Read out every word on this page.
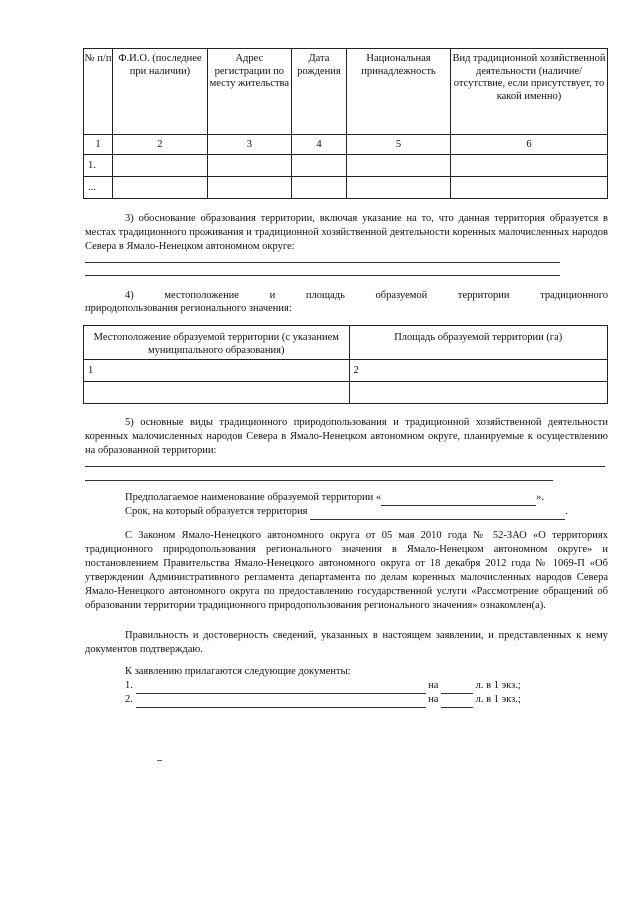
№ п/п	Ф.И.О. (последнее при наличии)	Адрес регистрации по месту жительства	Дата рождения	Национальная принадлежность	Вид традиционной хозяйственной деятельности (наличие/отсутствие, если присутствует, то какой именно)
1	2	3	4	5	6
1.					
...					
3) обоснование образования территории, включая указание на то, что данная территория образуется в местах традиционного проживания и традиционной хозяйственной деятельности коренных малочисленных народов Севера в Ямало-Ненецком автономном округе:
4) местоположение и площадь образуемой территории традиционного
природопользования регионального значения:
Местоположение образуемой территории (с указанием муниципального образования)	Площадь образуемой территории (га)
1	2

5) основные виды традиционного природопользования и традиционной хозяйственной деятельности коренных малочисленных народов Севера в Ямало-Ненецком автономном округе, планируемые к осуществлению на образованной территории:
Предполагаемое наименование образуемой территории «	».
Срок, на который образуется территория	.
С Законом Ямало-Ненецкого автономного округа от 05 мая 2010 года № 52-ЗАО «О территориях традиционного природопользования регионального значения в Ямало-Ненецком автономном округе» и постановлением Правительства Ямало-Ненецкого автономного округа от 18 декабря 2012 года № 1069-П «Об утверждении Административного регламента департамента по делам коренных малочисленных народов Севера Ямало-Ненецкого автономного округа по предоставлению государственной услуги «Рассмотрение обращений об образовании территории традиционного природопользования регионального значения» ознакомлен(а).
Правильность и достоверность сведений, указанных в настоящем заявлении, и представленных к нему документов подтверждаю.
К заявлению прилагаются следующие документы:
1.	на	л. в 1 экз.;
2.	на	л. в 1 экз.;
